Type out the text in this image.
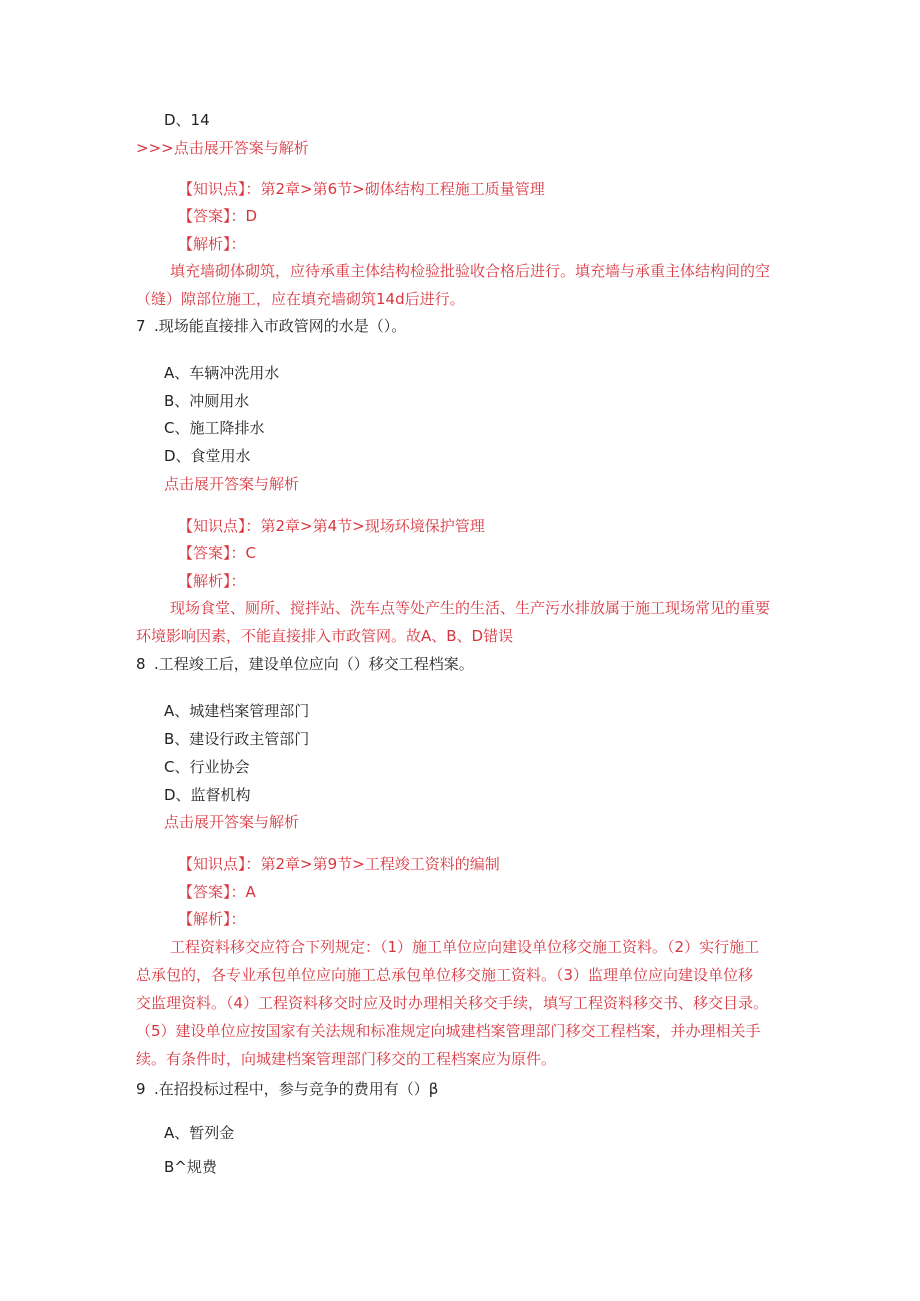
D、14
>>>点击展开答案与解析
【知识点】：第2章>第6节>砌体结构工程施工质量管理
【答案】：D
【解析】：
填充墙砌体砌筑，应待承重主体结构检验批验收合格后进行。填充墙与承重主体结构间的空
（缝）隙部位施工，应在填充墙砌筑14d后进行。
7 .现场能直接排入市政管网的水是（）。
A、车辆冲洗用水
B、冲厕用水
C、施工降排水
D、食堂用水
点击展开答案与解析
【知识点】：第2章>第4节>现场环境保护管理
【答案】：C
【解析】：
现场食堂、厕所、搅拌站、洗车点等处产生的生活、生产污水排放属于施工现场常见的重要
环境影响因素，不能直接排入市政管网。故A、B、D错误
8 .工程竣工后，建设单位应向（）移交工程档案。
A、城建档案管理部门
B、建设行政主管部门
C、行业协会
D、监督机构
点击展开答案与解析
【知识点】：第2章>第9节>工程竣工资料的编制
【答案】：A
【解析】：
工程资料移交应符合下列规定：（1）施工单位应向建设单位移交施工资料。（2）实行施工
总承包的，各专业承包单位应向施工总承包单位移交施工资料。（3）监理单位应向建设单位移
交监理资料。（4）工程资料移交时应及时办理相关移交手续，填写工程资料移交书、移交目录。
（5）建设单位应按国家有关法规和标准规定向城建档案管理部门移交工程档案，并办理相关手
续。有条件时，向城建档案管理部门移交的工程档案应为原件。
9 .在招投标过程中，参与竞争的费用有（）β
A、暂列金
B^规费
